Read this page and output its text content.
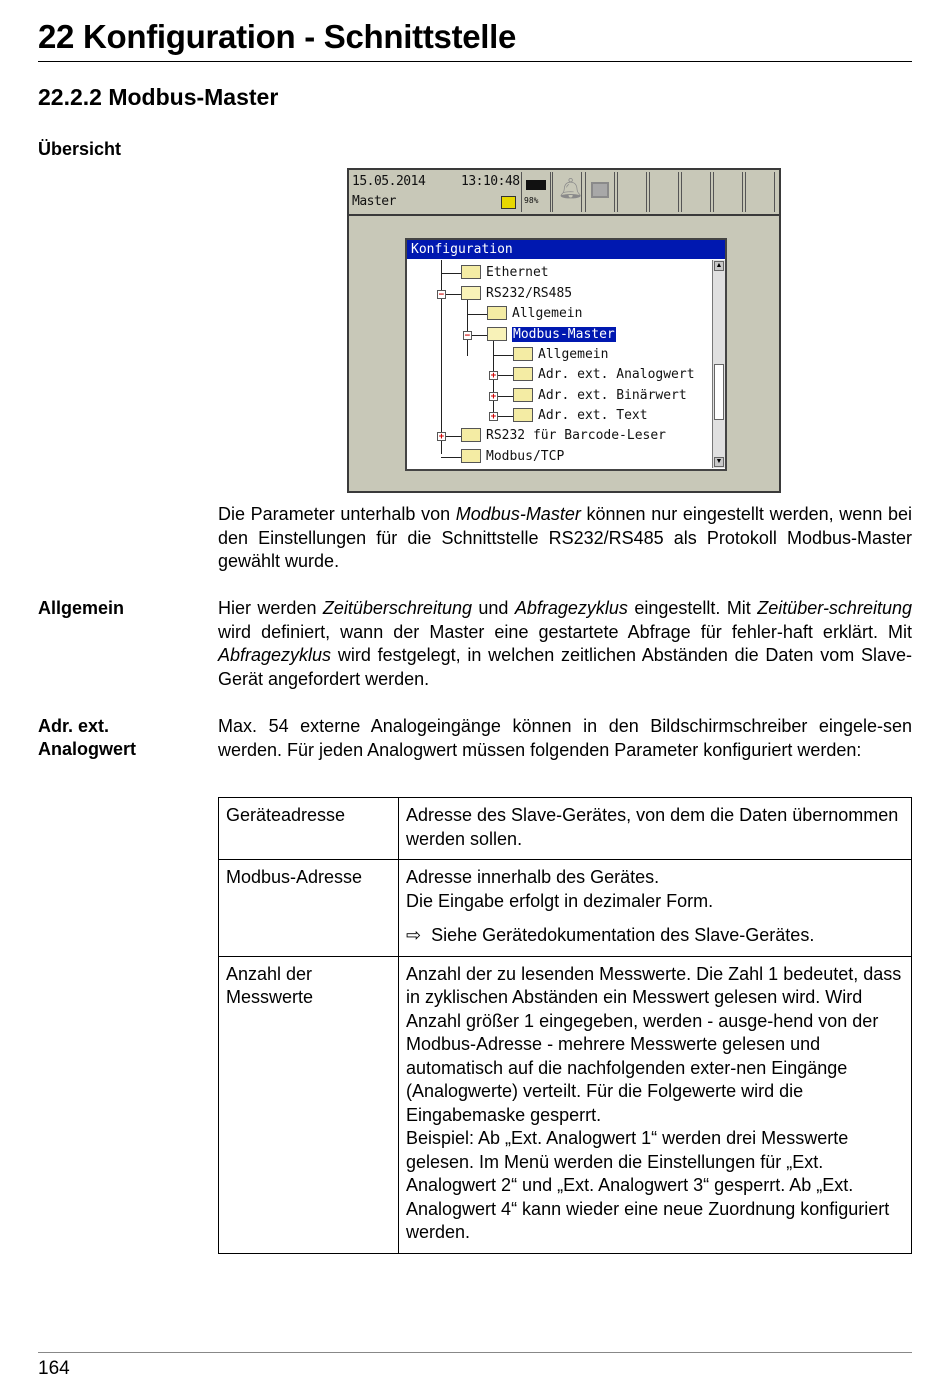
22 Konfiguration - Schnittstelle
22.2.2 Modbus-Master
Übersicht
15.05.2014	13:10:48
Master	98%
🔔︎
Konfiguration
−
−
+
+
+
+
Ethernet
RS232/RS485
Allgemein
Modbus-Master
Allgemein
Adr. ext. Analogwert
Adr. ext. Binärwert
Adr. ext. Text
RS232 für Barcode-Leser
Modbus/TCP
▲
▼
Die Parameter unterhalb von Modbus-Master können nur eingestellt werden, wenn bei den Einstellungen für die Schnittstelle RS232/RS485 als Protokoll Modbus-Master gewählt wurde.
Allgemein	Hier werden Zeitüberschreitung und Abfragezyklus eingestellt. Mit Zeitüber-schreitung wird definiert, wann der Master eine gestartete Abfrage für fehler-haft erklärt. Mit Abfragezyklus wird festgelegt, in welchen zeitlichen Abständen die Daten vom Slave-Gerät angefordert werden.
Adr. ext.
Analogwert
Max. 54 externe Analogeingänge können in den Bildschirmschreiber eingele-sen werden. Für jeden Analogwert müssen folgenden Parameter konfiguriert werden:
Geräteadresse	Adresse des Slave-Gerätes, von dem die Daten übernommen werden sollen.
Modbus-Adresse	Adresse innerhalb des Gerätes.
Die Eingabe erfolgt in dezimaler Form.
⇨  Siehe Gerätedokumentation des Slave-Gerätes.

Anzahl der Messwerte	Anzahl der zu lesenden Messwerte. Die Zahl 1 bedeutet, dass in zyklischen Abständen ein Messwert gelesen wird. Wird Anzahl größer 1 eingegeben, werden - ausge-hend von der Modbus-Adresse - mehrere Messwerte gelesen und automatisch auf die nachfolgenden exter-nen Eingänge (Analogwerte) verteilt. Für die Folgewerte wird die Eingabemaske gesperrt.
Beispiel: Ab „Ext. Analogwert 1“ werden drei Messwerte gelesen. Im Menü werden die Einstellungen für „Ext. Analogwert 2“ und „Ext. Analogwert 3“ gesperrt. Ab „Ext. Analogwert 4“ kann wieder eine neue Zuordnung konfiguriert werden.
164
